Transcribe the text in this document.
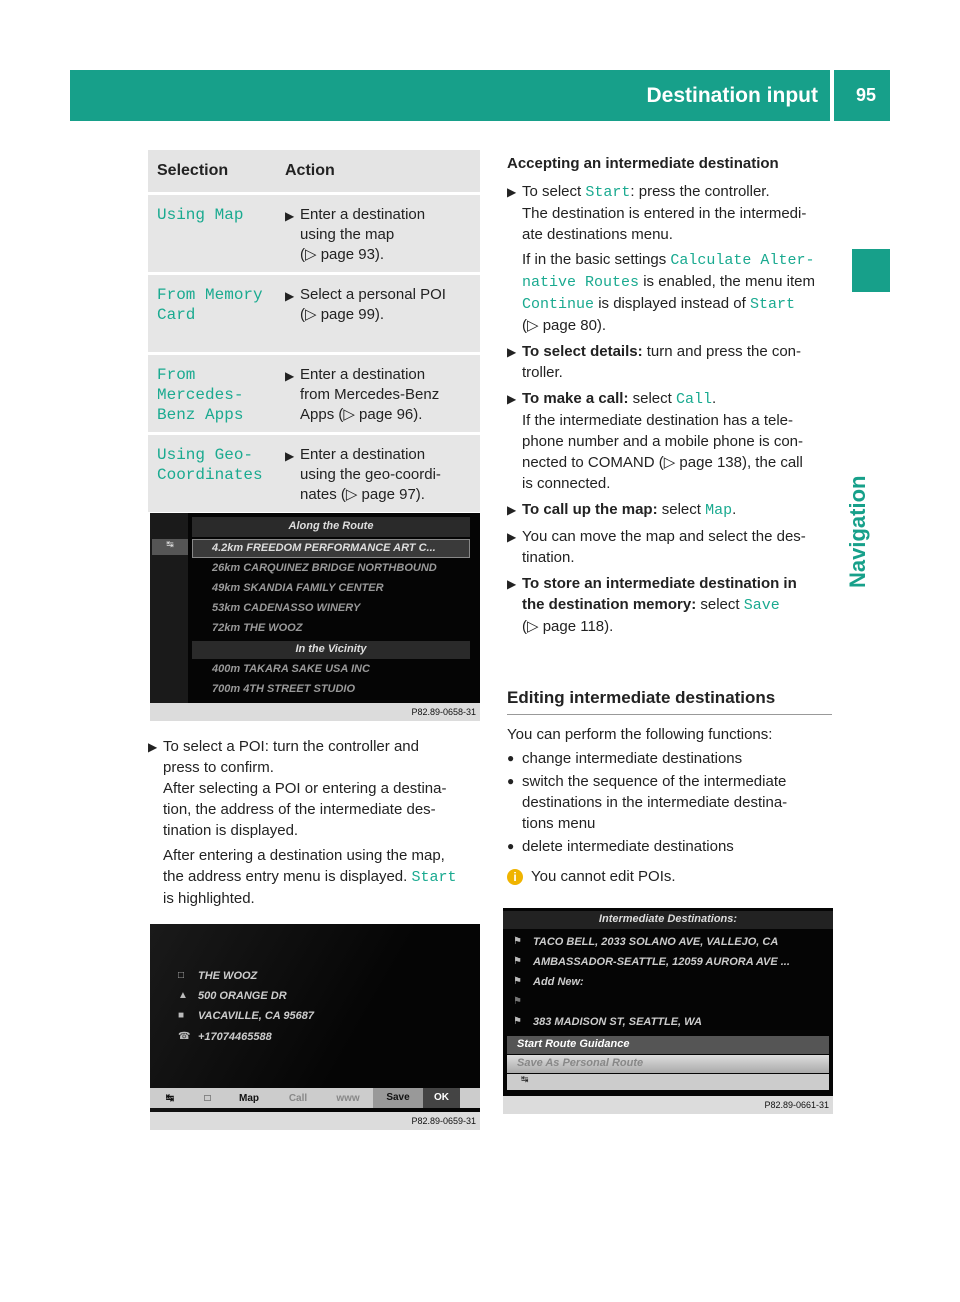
Destination input 95
Navigation
Selection	Action
Using Map	▶ Enter a destination
using the map
(▷ page 93).
From Memory
Card
▶ Select a personal POI
(▷ page 99).
From
Mercedes-
Benz Apps
▶ Enter a destination
from Mercedes-Benz
Apps (▷ page 96).
Using Geo-
Coordinates
▶ Enter a destination
using the geo-coordi-
nates (▷ page 97).
↹
Along the Route
4.2km FREEDOM PERFORMANCE ART C...
26km CARQUINEZ BRIDGE NORTHBOUND
49km SKANDIA FAMILY CENTER
53km CADENASSO WINERY
72km THE WOOZ
In the Vicinity
400m TAKARA SAKE USA INC
700m 4TH STREET STUDIO
P82.89-0658-31
THE WOOZ
500 ORANGE DR
VACAVILLE, CA 95687
+17074465588
□
▲
■
☎
↹	□	Map	Call	www	Save	OK
P82.89-0659-31
Intermediate Destinations:
TACO BELL, 2033 SOLANO AVE, VALLEJO, CA
AMBASSADOR-SEATTLE, 12059 AURORA AVE ...
Add New:
383 MADISON ST, SEATTLE, WA
⚑
⚑
⚑
⚑
⚑
Start Route Guidance
Save As Personal Route
↹
P82.89-0661-31
▶ To select a POI: turn the controller and
press to confirm.
After selecting a POI or entering a destina-
tion, the address of the intermediate des-
tination is displayed.
After entering a destination using the map,
the address entry menu is displayed. Start
is highlighted.
Accepting an intermediate destination
▶ To select Start: press the controller.
The destination is entered in the intermedi-
ate destinations menu.
If in the basic settings Calculate Alter‐
native Routes is enabled, the menu item
Continue is displayed instead of Start
(▷ page 80).
▶ To select details: turn and press the con-
troller.
▶ To make a call: select Call.
If the intermediate destination has a tele-
phone number and a mobile phone is con-
nected to COMAND (▷ page 138), the call
is connected.
▶ To call up the map: select Map.
▶ You can move the map and select the des-
tination.
▶ To store an intermediate destination in
the destination memory: select Save
(▷ page 118).
Editing intermediate destinations
You can perform the following functions:
● change intermediate destinations
● switch the sequence of the intermediate
destinations in the intermediate destina-
tions menu
● delete intermediate destinations
i You cannot edit POIs.
